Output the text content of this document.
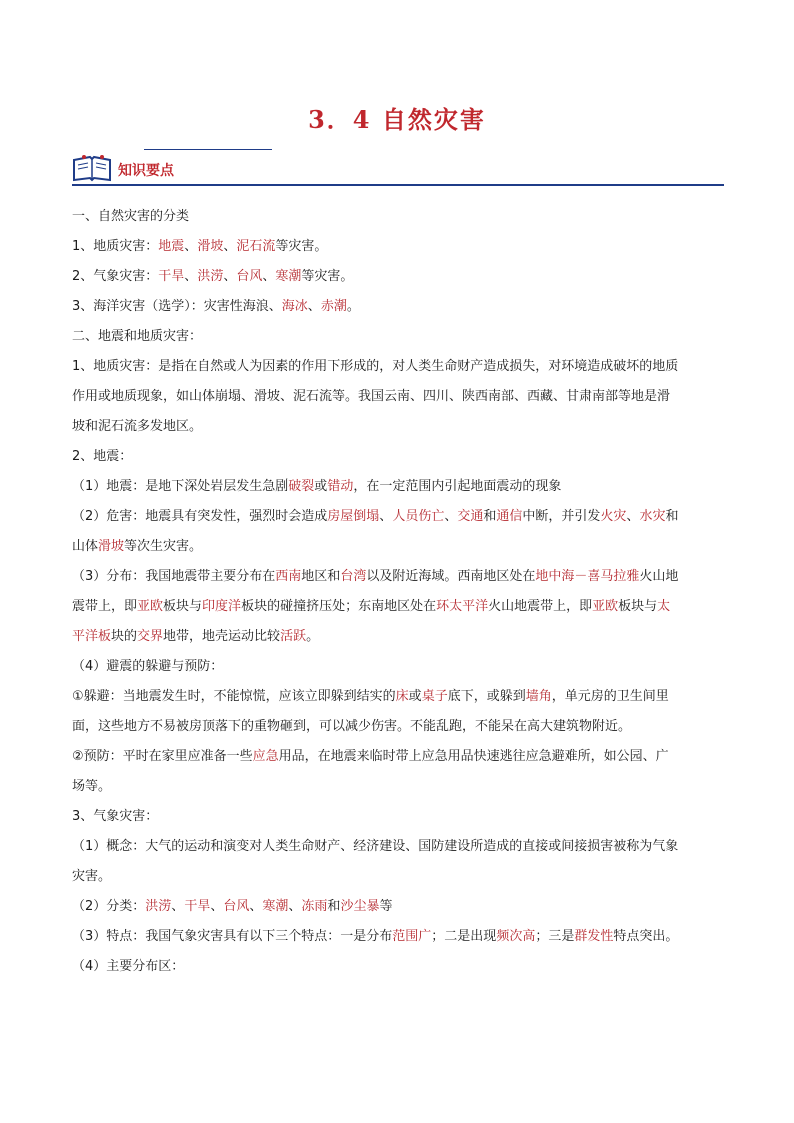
3．4 自然灾害
知识要点

一、自然灾害的分类

1、地质灾害：地震、滑坡、泥石流等灾害。

2、气象灾害：干旱、洪涝、台风、寒潮等灾害。

3、海洋灾害（选学）：灾害性海浪、海冰、赤潮。

二、地震和地质灾害：

1、地质灾害：是指在自然或人为因素的作用下形成的，对人类生命财产造成损失，对环境造成破坏的地质

作用或地质现象，如山体崩塌、滑坡、泥石流等。我国云南、四川、陕西南部、西藏、甘肃南部等地是滑

坡和泥石流多发地区。

2、地震：

（1）地震：是地下深处岩层发生急剧破裂或错动，在一定范围内引起地面震动的现象

（2）危害：地震具有突发性，强烈时会造成房屋倒塌、人员伤亡、交通和通信中断，并引发火灾、水灾和

山体滑坡等次生灾害。

（3）分布：我国地震带主要分布在西南地区和台湾以及附近海域。西南地区处在地中海－喜马拉雅火山地

震带上，即亚欧板块与印度洋板块的碰撞挤压处；东南地区处在环太平洋火山地震带上，即亚欧板块与太

平洋板块的交界地带，地壳运动比较活跃。

（4）避震的躲避与预防：

①躲避：当地震发生时，不能惊慌，应该立即躲到结实的床或桌子底下，或躲到墙角，单元房的卫生间里

面，这些地方不易被房顶落下的重物砸到，可以减少伤害。不能乱跑，不能呆在高大建筑物附近。

②预防：平时在家里应准备一些应急用品，在地震来临时带上应急用品快速逃往应急避难所，如公园、广

场等。

3、气象灾害：

（1）概念：大气的运动和演变对人类生命财产、经济建设、国防建设所造成的直接或间接损害被称为气象

灾害。

（2）分类：洪涝、干旱、台风、寒潮、冻雨和沙尘暴等

（3）特点：我国气象灾害具有以下三个特点：一是分布范围广；二是出现频次高；三是群发性特点突出。

（4）主要分布区：
